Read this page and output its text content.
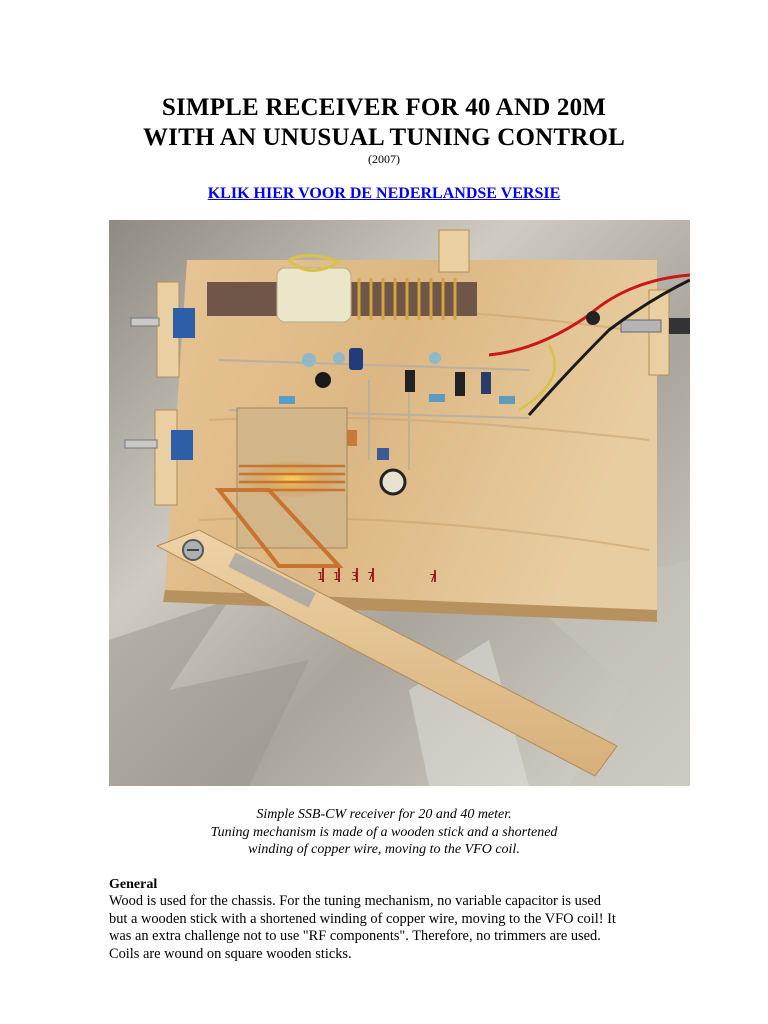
SIMPLE RECEIVER FOR 40 AND 20M
WITH AN UNUSUAL TUNING CONTROL
(2007)
KLIK HIER VOOR DE NEDERLANDSE VERSIE
1 1 3 7	7
Simple SSB-CW receiver for 20 and 40 meter.
Tuning mechanism is made of a wooden stick and a shortened
winding of copper wire, moving to the VFO coil.
General
Wood is used for the chassis. For the tuning mechanism, no variable capacitor is used
but a wooden stick with a shortened winding of copper wire, moving to the VFO coil! It
was an extra challenge not to use "RF components". Therefore, no trimmers are used.
Coils are wound on square wooden sticks.
